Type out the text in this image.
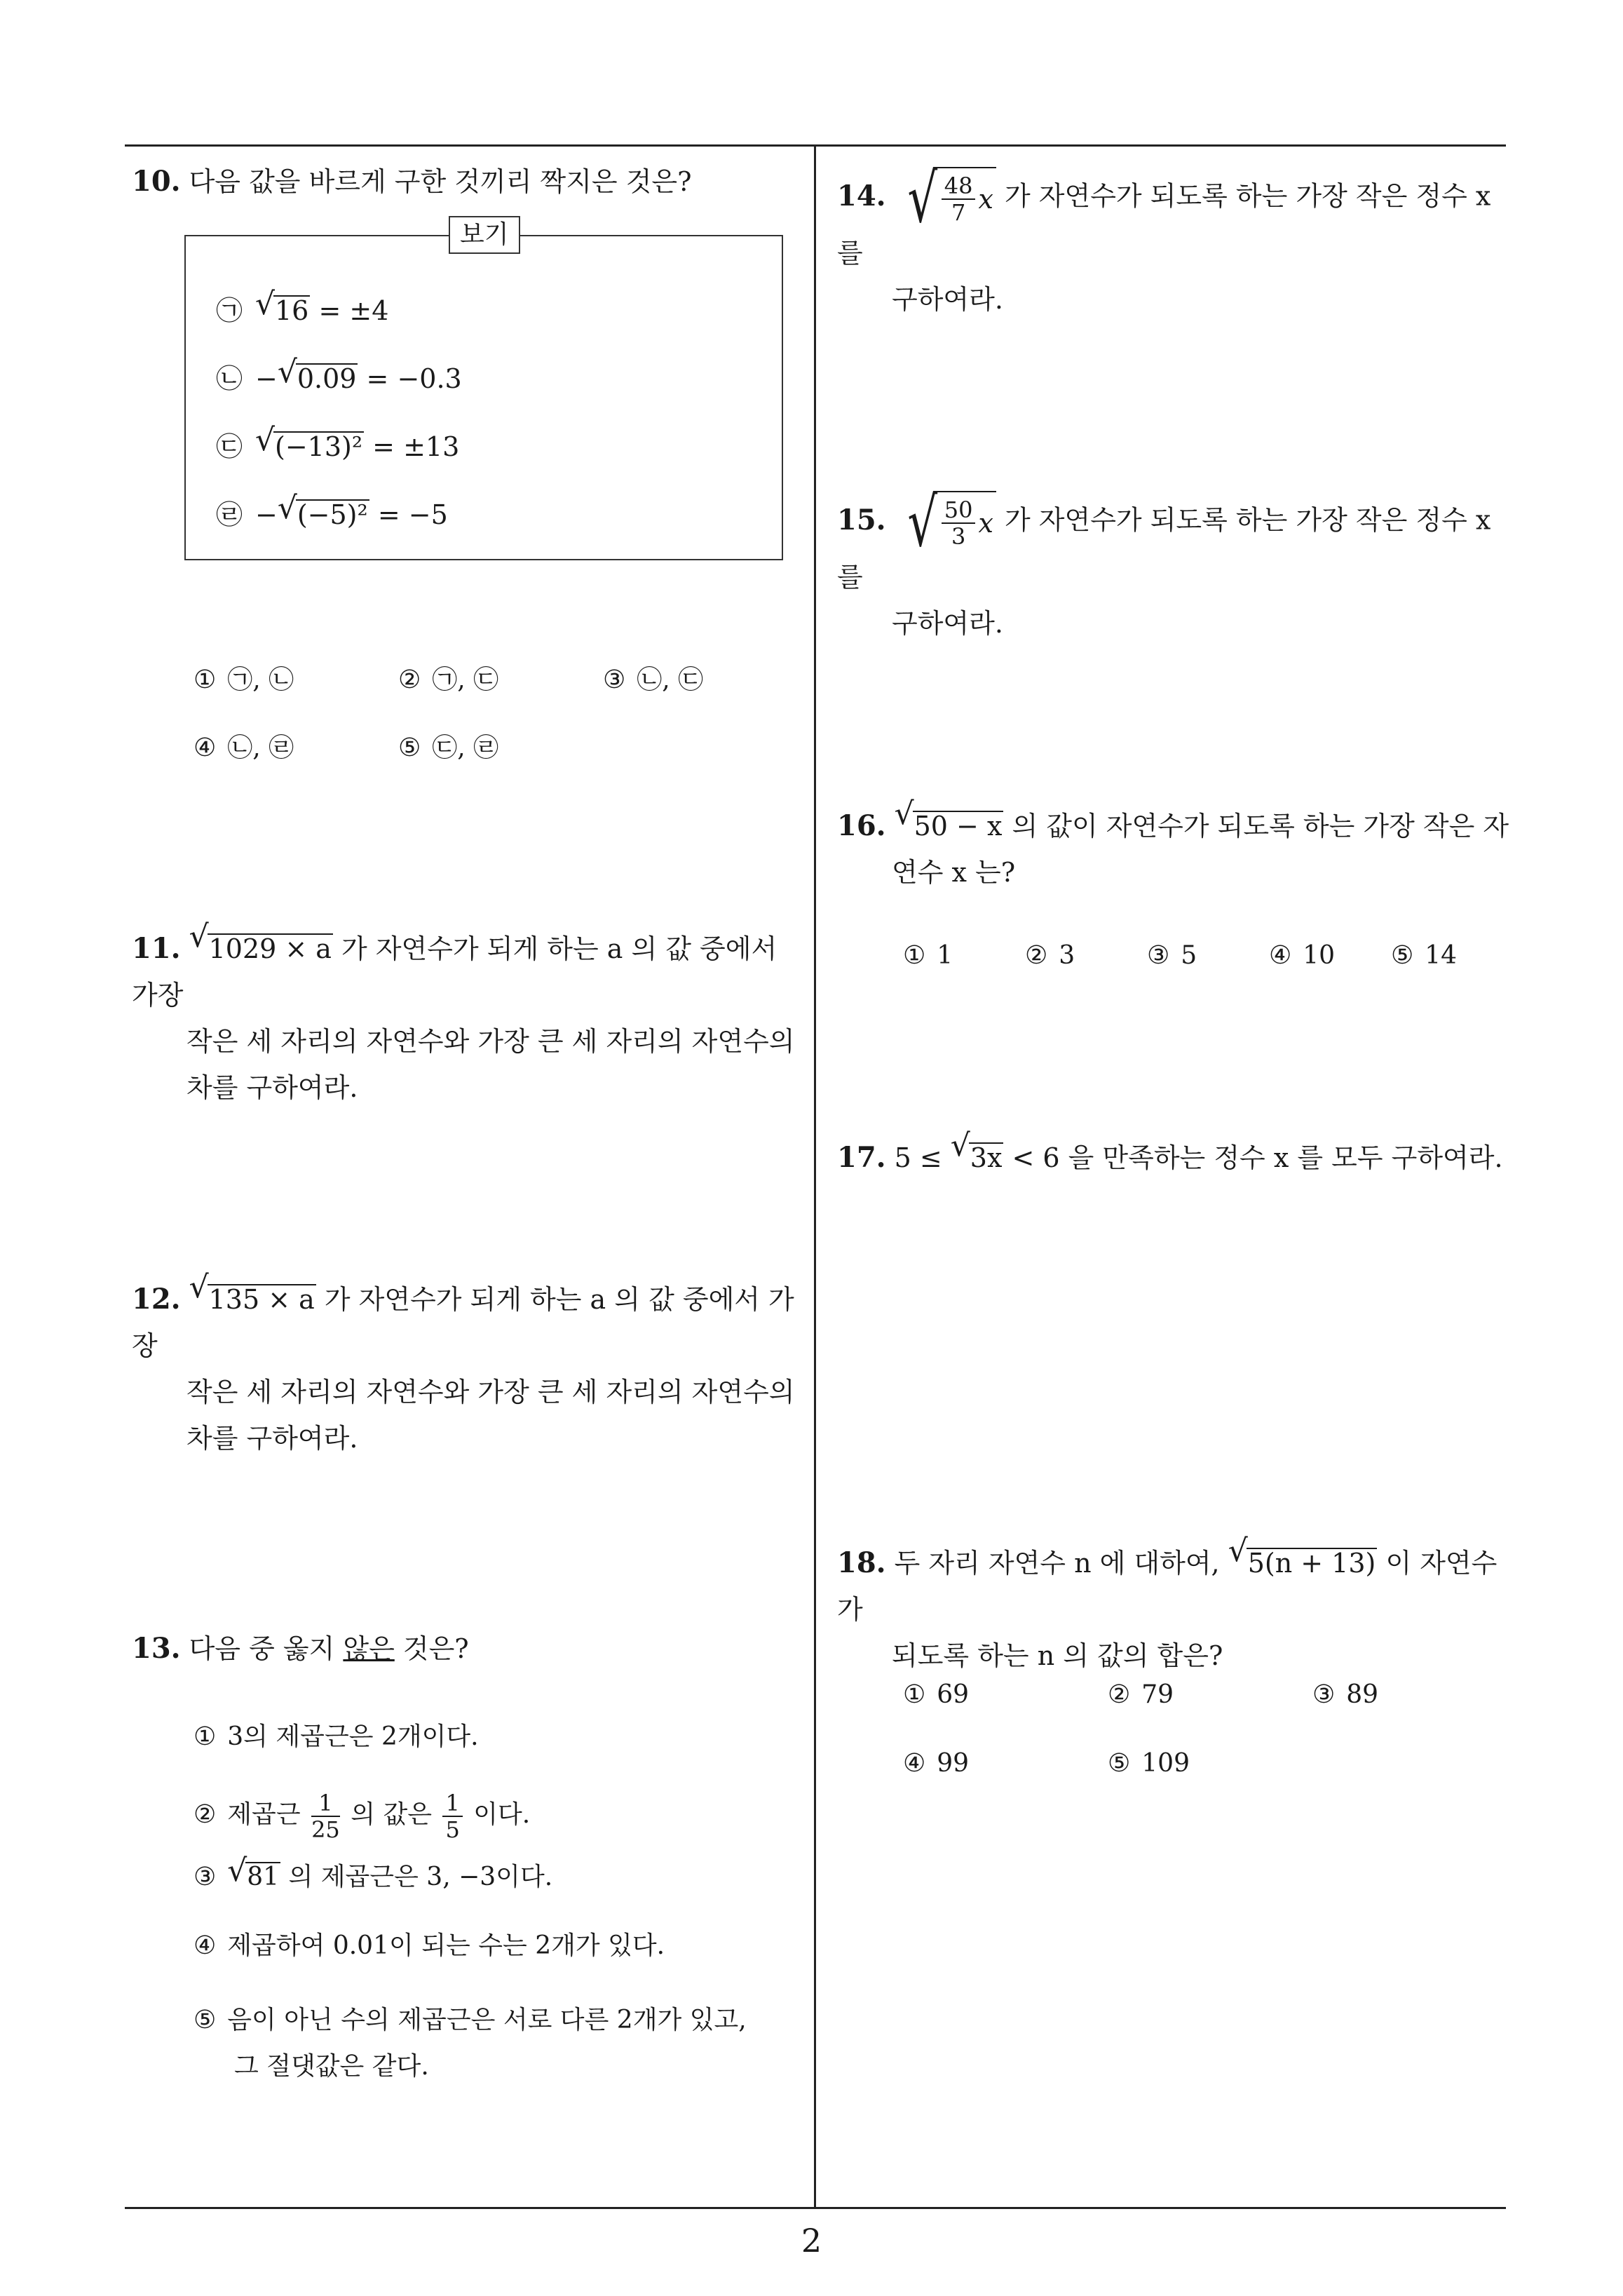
2
10. 다음 값을 바르게 구한 것끼리 짝지은 것은?
보기
㉠ √ 16 = ±4
㉡ − √ 0.09 = −0.3
㉢ √ (−13)² = ±13
㉣ − √ (−5)² = −5
① ㉠, ㉡	② ㉠, ㉢	③ ㉡, ㉢
④ ㉡, ㉣	⑤ ㉢, ㉣
11. √ 1029 × a 가 자연수가 되게 하는 a 의 값 중에서 가장
작은 세 자리의 자연수와 가장 큰 세 자리의 자연수의
차를 구하여라.
12. √ 135 × a 가 자연수가 되게 하는 a 의 값 중에서 가장
작은 세 자리의 자연수와 가장 큰 세 자리의 자연수의
차를 구하여라.
13. 다음 중 옳지 않은 것은?
① 3의 제곱근은 2개이다.
② 제곱근 $\frac{1}{25}$ 의 값은 $\frac{1}{5}$ 이다.
③ √ 81 의 제곱근은 3, −3이다.
④ 제곱하여 0.01이 되는 수는 2개가 있다.
⑤ 음이 아닌 수의 제곱근은 서로 다른 2개가 있고,
그 절댓값은 같다.
14. √ $\frac{48}{7}$ x 가 자연수가 되도록 하는 가장 작은 정수 x 를
구하여라.
15. √ $\frac{50}{3}$ x 가 자연수가 되도록 하는 가장 작은 정수 x 를
구하여라.
16. √ 50 − x 의 값이 자연수가 되도록 하는 가장 작은 자
연수 x 는?
① 1	② 3	③ 5	④ 10 ⑤ 14
17. 5 ≤ √ 3x < 6 을 만족하는 정수 x 를 모두 구하여라.
18. 두 자리 자연수 n 에 대하여, √ 5(n + 13) 이 자연수가
되도록 하는 n 의 값의 합은?
① 69	② 79	③ 89
④ 99	⑤ 109
